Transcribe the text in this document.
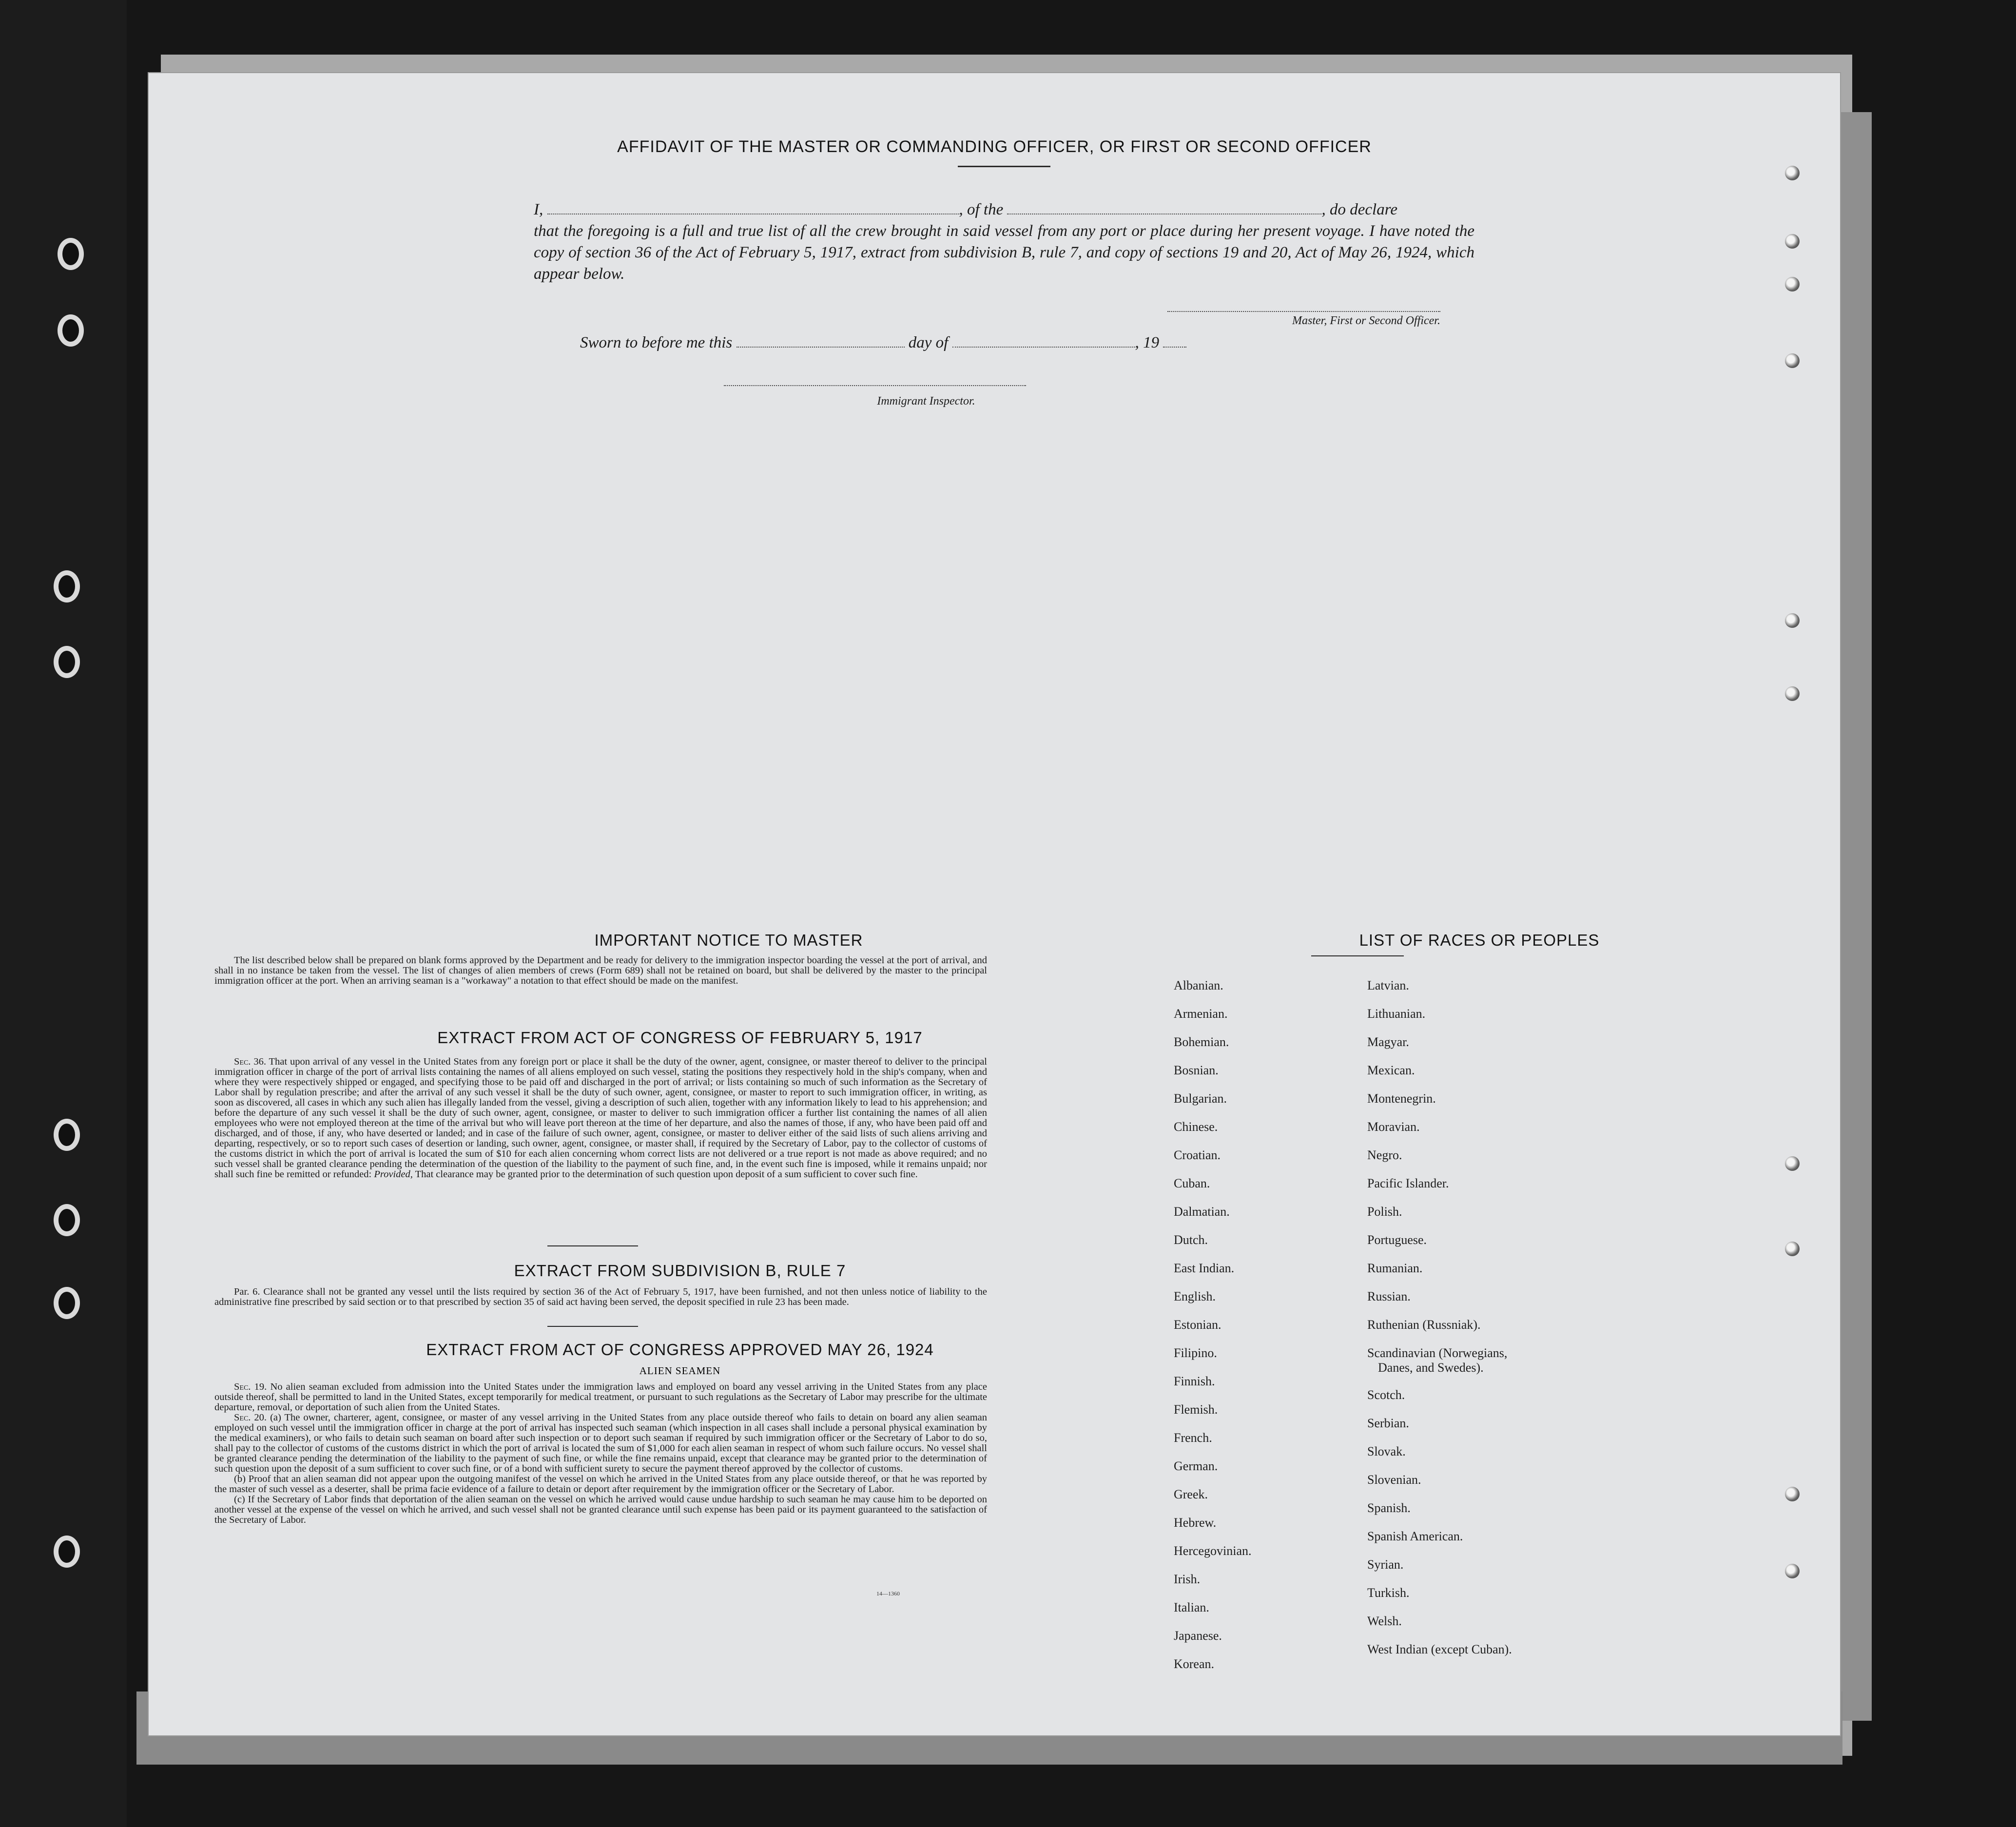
AFFIDAVIT OF THE MASTER OR COMMANDING OFFICER, OR FIRST OR SECOND OFFICER
I,	, of the	, do declare
that the foregoing is a full and true list of all the crew brought in said vessel from any port or place during her present voyage. I have noted the copy of section 36 of the Act of February 5, 1917, extract from subdivision B, rule 7, and copy of sections 19 and 20, Act of May 26, 1924, which appear below.
Master, First or Second Officer.
Sworn to before me this	day of	, 19
Immigrant Inspector.
IMPORTANT NOTICE TO MASTER
The list described below shall be prepared on blank forms approved by the Department and be ready for delivery to the immigration inspector boarding the vessel at the port of arrival, and shall in no instance be taken from the vessel. The list of changes of alien members of crews (Form 689) shall not be retained on board, but shall be delivered by the master to the principal immigration officer at the port. When an arriving seaman is a "workaway" a notation to that effect should be made on the manifest.
EXTRACT FROM ACT OF CONGRESS OF FEBRUARY 5, 1917
Sec. 36. That upon arrival of any vessel in the United States from any foreign port or place it shall be the duty of the owner, agent, consignee, or master thereof to deliver to the principal immigration officer in charge of the port of arrival lists containing the names of all aliens employed on such vessel, stating the positions they respectively hold in the ship's company, when and where they were respectively shipped or engaged, and specifying those to be paid off and discharged in the port of arrival; or lists containing so much of such information as the Secretary of Labor shall by regulation prescribe; and after the arrival of any such vessel it shall be the duty of such owner, agent, consignee, or master to report to such immigration officer, in writing, as soon as discovered, all cases in which any such alien has illegally landed from the vessel, giving a description of such alien, together with any information likely to lead to his apprehension; and before the departure of any such vessel it shall be the duty of such owner, agent, consignee, or master to deliver to such immigration officer a further list containing the names of all alien employees who were not employed thereon at the time of the arrival but who will leave port thereon at the time of her departure, and also the names of those, if any, who have been paid off and discharged, and of those, if any, who have deserted or landed; and in case of the failure of such owner, agent, consignee, or master to deliver either of the said lists of such aliens arriving and departing, respectively, or so to report such cases of desertion or landing, such owner, agent, consignee, or master shall, if required by the Secretary of Labor, pay to the collector of customs of the customs district in which the port of arrival is located the sum of $10 for each alien concerning whom correct lists are not delivered or a true report is not made as above required; and no such vessel shall be granted clearance pending the determination of the question of the liability to the payment of such fine, and, in the event such fine is imposed, while it remains unpaid; nor shall such fine be remitted or refunded: Provided, That clearance may be granted prior to the determination of such question upon deposit of a sum sufficient to cover such fine.
EXTRACT FROM SUBDIVISION B, RULE 7
Par. 6. Clearance shall not be granted any vessel until the lists required by section 36 of the Act of February 5, 1917, have been furnished, and not then unless notice of liability to the administrative fine prescribed by said section or to that prescribed by section 35 of said act having been served, the deposit specified in rule 23 has been made.
EXTRACT FROM ACT OF CONGRESS APPROVED MAY 26, 1924
ALIEN SEAMEN
Sec. 19. No alien seaman excluded from admission into the United States under the immigration laws and employed on board any vessel arriving in the United States from any place outside thereof, shall be permitted to land in the United States, except temporarily for medical treatment, or pursuant to such regulations as the Secretary of Labor may prescribe for the ultimate departure, removal, or deportation of such alien from the United States.
Sec. 20. (a) The owner, charterer, agent, consignee, or master of any vessel arriving in the United States from any place outside thereof who fails to detain on board any alien seaman employed on such vessel until the immigration officer in charge at the port of arrival has inspected such seaman (which inspection in all cases shall include a personal physical examination by the medical examiners), or who fails to detain such seaman on board after such inspection or to deport such seaman if required by such immigration officer or the Secretary of Labor to do so, shall pay to the collector of customs of the customs district in which the port of arrival is located the sum of $1,000 for each alien seaman in respect of whom such failure occurs. No vessel shall be granted clearance pending the determination of the liability to the payment of such fine, or while the fine remains unpaid, except that clearance may be granted prior to the determination of such question upon the deposit of a sum sufficient to cover such fine, or of a bond with sufficient surety to secure the payment thereof approved by the collector of customs.
(b) Proof that an alien seaman did not appear upon the outgoing manifest of the vessel on which he arrived in the United States from any place outside thereof, or that he was reported by the master of such vessel as a deserter, shall be prima facie evidence of a failure to detain or deport after requirement by the immigration officer or the Secretary of Labor.
(c) If the Secretary of Labor finds that deportation of the alien seaman on the vessel on which he arrived would cause undue hardship to such seaman he may cause him to be deported on another vessel at the expense of the vessel on which he arrived, and such vessel shall not be granted clearance until such expense has been paid or its payment guaranteed to the satisfaction of the Secretary of Labor.
14—1360
LIST OF RACES OR PEOPLES
Albanian.
Armenian.
Bohemian.
Bosnian.
Bulgarian.
Chinese.
Croatian.
Cuban.
Dalmatian.
Dutch.
East Indian.
English.
Estonian.
Filipino.
Finnish.
Flemish.
French.
German.
Greek.
Hebrew.
Hercegovinian.
Irish.
Italian.
Japanese.
Korean.
Latvian.
Lithuanian.
Magyar.
Mexican.
Montenegrin.
Moravian.
Negro.
Pacific Islander.
Polish.
Portuguese.
Rumanian.
Russian.
Ruthenian (Russniak).
Scandinavian (Norwegians,
Danes, and Swedes).
Scotch.
Serbian.
Slovak.
Slovenian.
Spanish.
Spanish American.
Syrian.
Turkish.
Welsh.
West Indian (except Cuban).
